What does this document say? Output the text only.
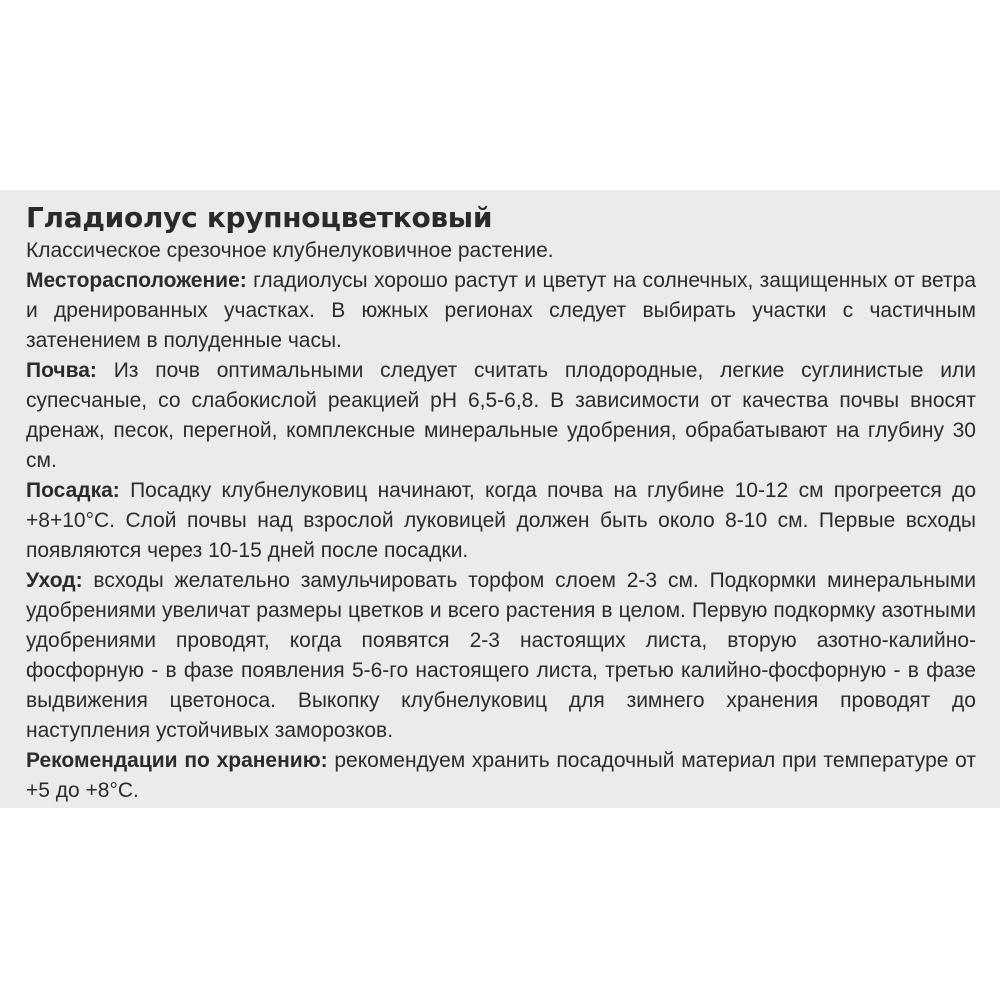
Гладиолус крупноцветковый

Классическое срезочное клубнелуковичное растение.

Месторасположение: гладиолусы хорошо растут и цветут на солнечных, защищенных от ветра и дренированных участках. В южных регионах следует выбирать участки с частичным затенением в полуденные часы.

Почва: Из почв оптимальными следует считать плодородные, легкие суглинистые или супесчаные, со слабокислой реакцией pH 6,5-6,8. В зависимости от качества почвы вносят дренаж, песок, перегной, комплексные минеральные удобрения, обрабатывают на глубину 30 см.

Посадка: Посадку клубнелуковиц начинают, когда почва на глубине 10-12 см прогреется до +8+10°С. Слой почвы над взрослой луковицей должен быть около 8-10 см. Первые всходы появляются через 10-15 дней после посадки.

Уход: всходы желательно замульчировать торфом слоем 2-3 см. Подкормки минеральными удобрениями увеличат размеры цветков и всего растения в целом. Первую подкормку азотными удобрениями проводят, когда появятся 2-3 настоящих листа, вторую азотно-калийно-фосфорную - в фазе появления 5-6-го настоящего листа, третью калийно-фосфорную - в фазе выдвижения цветоноса. Выкопку клубнелуковиц для зимнего хранения проводят до наступления устойчивых заморозков.

Рекомендации по хранению: рекомендуем хранить посадочный материал при температуре от +5 до +8°С.
